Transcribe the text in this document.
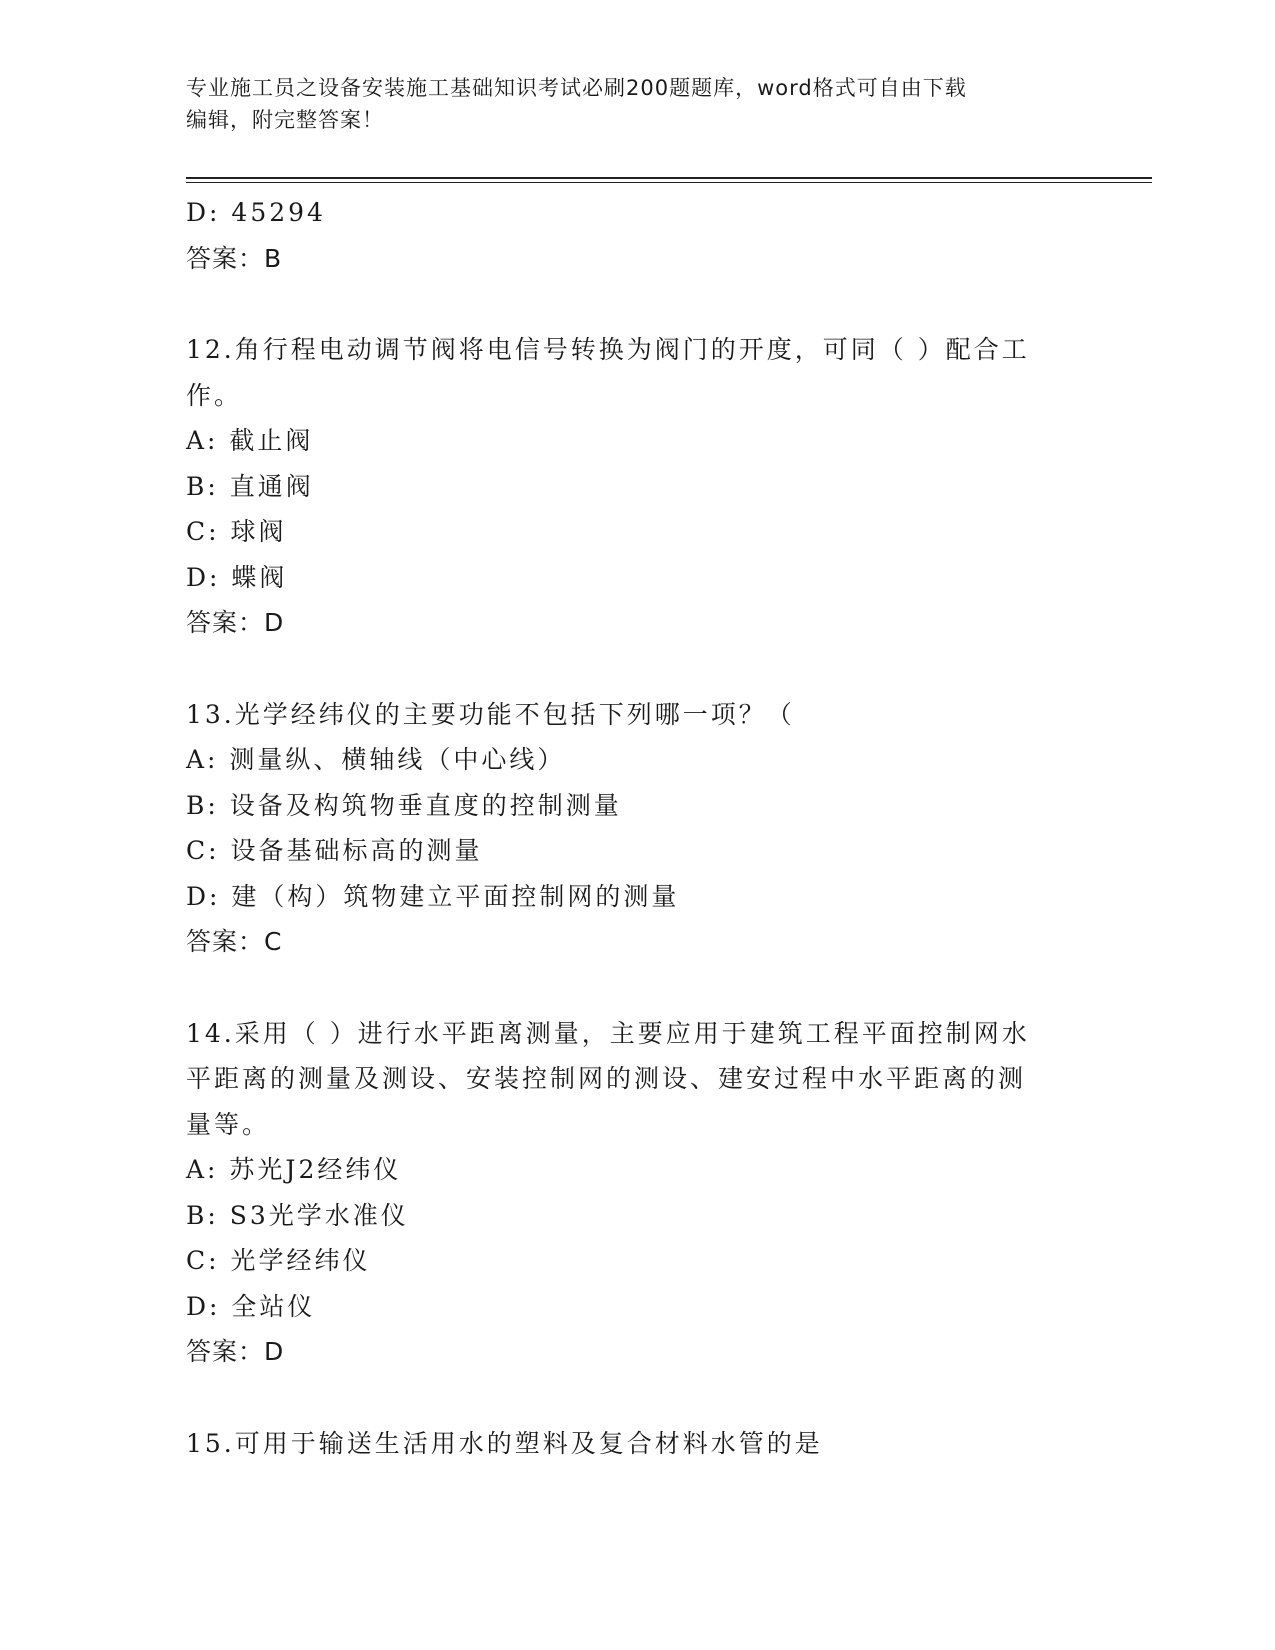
专业施工员之设备安装施工基础知识考试必刷200题题库，word格式可自由下载
编辑，附完整答案！
D: 45294
答案：B
12.角行程电动调节阀将电信号转换为阀门的开度，可同（ ）配合工
作。
A: 截止阀
B: 直通阀
C: 球阀
D: 蝶阀
答案：D
13.光学经纬仪的主要功能不包括下列哪一项？（
A: 测量纵、横轴线（中心线）
B: 设备及构筑物垂直度的控制测量
C: 设备基础标高的测量
D: 建（构）筑物建立平面控制网的测量
答案：C
14.采用（ ）进行水平距离测量，主要应用于建筑工程平面控制网水
平距离的测量及测设、安装控制网的测设、建安过程中水平距离的测
量等。
A: 苏光J2经纬仪
B: S3光学水准仪
C: 光学经纬仪
D: 全站仪
答案：D
15.可用于输送生活用水的塑料及复合材料水管的是
